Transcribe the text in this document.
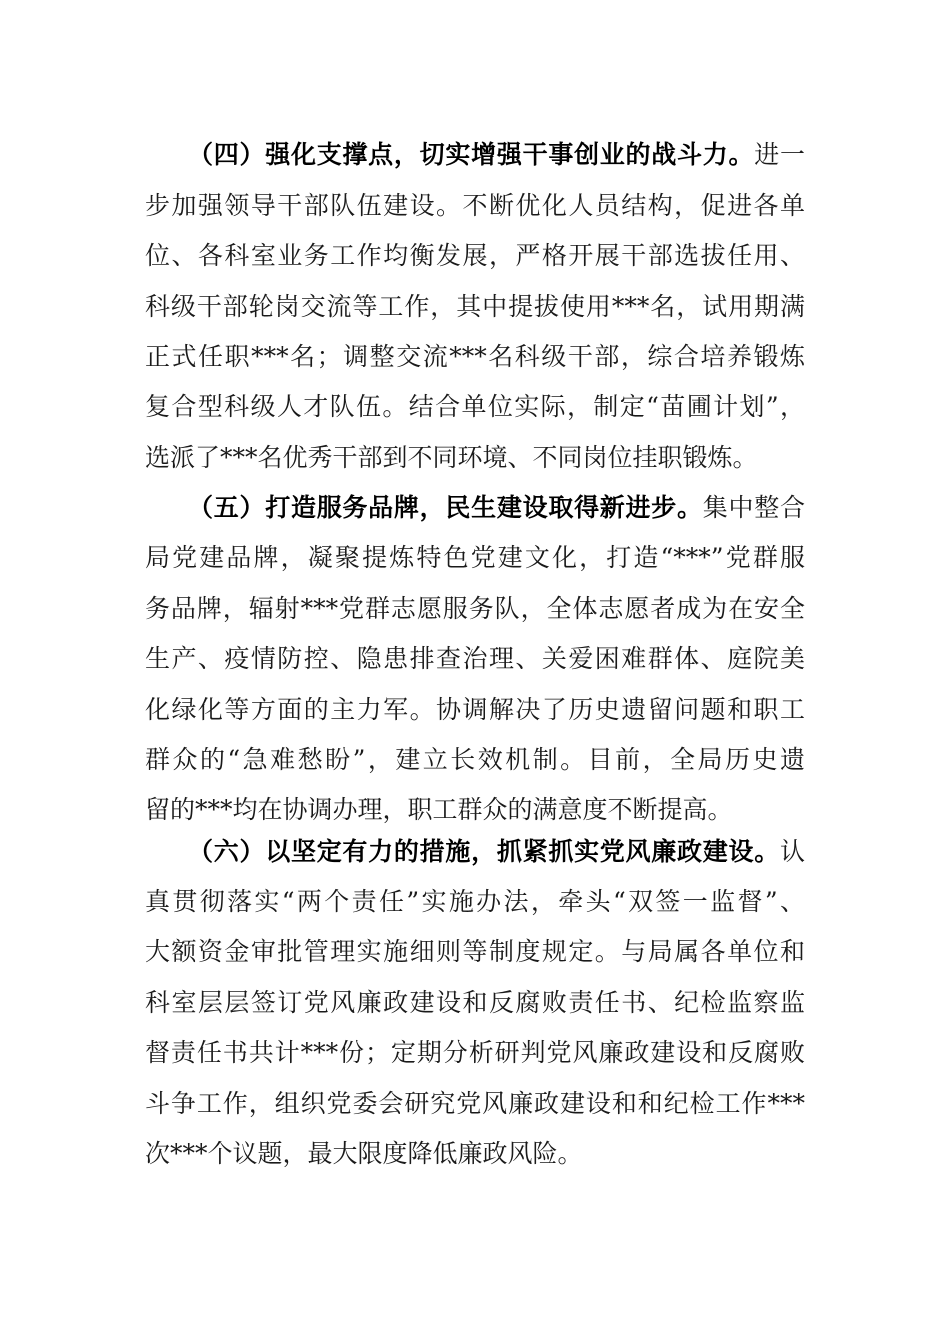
（四）强化支撑点，切实增强干事创业的战斗力。进一
步加强领导干部队伍建设。不断优化人员结构，促进各单
位、各科室业务工作均衡发展，严格开展干部选拔任用、
科级干部轮岗交流等工作，其中提拔使用***名，试用期满
正式任职***名；调整交流***名科级干部，综合培养锻炼
复合型科级人才队伍。结合单位实际，制定“苗圃计划”，
选派了***名优秀干部到不同环境、不同岗位挂职锻炼。
（五）打造服务品牌，民生建设取得新进步。集中整合
局党建品牌，凝聚提炼特色党建文化，打造“***”党群服
务品牌，辐射***党群志愿服务队，全体志愿者成为在安全
生产、疫情防控、隐患排查治理、关爱困难群体、庭院美
化绿化等方面的主力军。协调解决了历史遗留问题和职工
群众的“急难愁盼”，建立长效机制。目前，全局历史遗
留的***均在协调办理，职工群众的满意度不断提高。
（六）以坚定有力的措施，抓紧抓实党风廉政建设。认
真贯彻落实“两个责任”实施办法，牵头“双签一监督”、
大额资金审批管理实施细则等制度规定。与局属各单位和
科室层层签订党风廉政建设和反腐败责任书、纪检监察监
督责任书共计***份；定期分析研判党风廉政建设和反腐败
斗争工作，组织党委会研究党风廉政建设和和纪检工作***
次***个议题，最大限度降低廉政风险。
